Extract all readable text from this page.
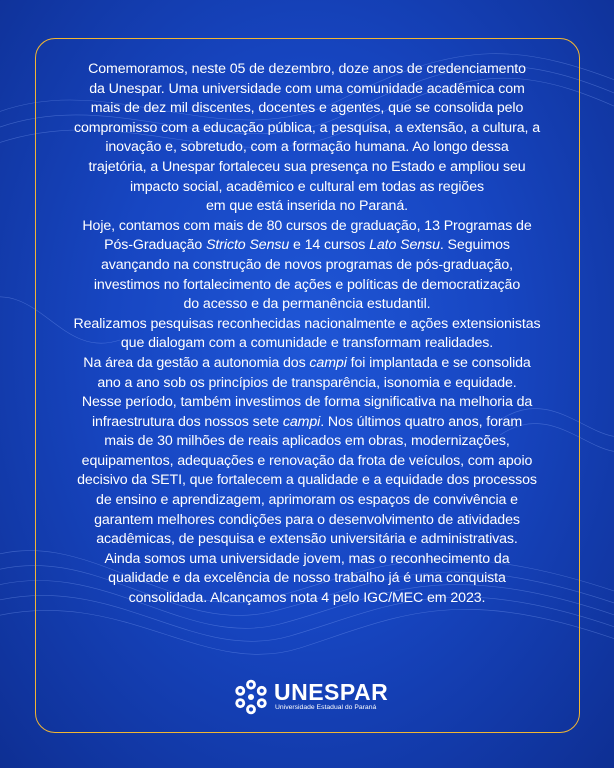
Comemoramos, neste 05 de dezembro, doze anos de credenciamento
da Unespar. Uma universidade com uma comunidade acadêmica com
mais de dez mil discentes, docentes e agentes, que se consolida pelo
compromisso com a educação pública, a pesquisa, a extensão, a cultura, a
inovação e, sobretudo, com a formação humana. Ao longo dessa
trajetória, a Unespar fortaleceu sua presença no Estado e ampliou seu
impacto social, acadêmico e cultural em todas as regiões
em que está inserida no Paraná.

Hoje, contamos com mais de 80 cursos de graduação, 13 Programas de
Pós-Graduação Stricto Sensu e 14 cursos Lato Sensu. Seguimos
avançando na construção de novos programas de pós-graduação,
investimos no fortalecimento de ações e políticas de democratização
do acesso e da permanência estudantil.

Realizamos pesquisas reconhecidas nacionalmente e ações extensionistas
que dialogam com a comunidade e transformam realidades.

Na área da gestão a autonomia dos campi foi implantada e se consolida
ano a ano sob os princípios de transparência, isonomia e equidade.

Nesse período, também investimos de forma significativa na melhoria da
infraestrutura dos nossos sete campi. Nos últimos quatro anos, foram
mais de 30 milhões de reais aplicados em obras, modernizações,
equipamentos, adequações e renovação da frota de veículos, com apoio
decisivo da SETI, que fortalecem a qualidade e a equidade dos processos
de ensino e aprendizagem, aprimoram os espaços de convivência e
garantem melhores condições para o desenvolvimento de atividades
acadêmicas, de pesquisa e extensão universitária e administrativas.

Ainda somos uma universidade jovem, mas o reconhecimento da
qualidade e da excelência de nosso trabalho já é uma conquista
consolidada. Alcançamos nota 4 pelo IGC/MEC em 2023.

UNESPAR
Universidade Estadual do Paraná
